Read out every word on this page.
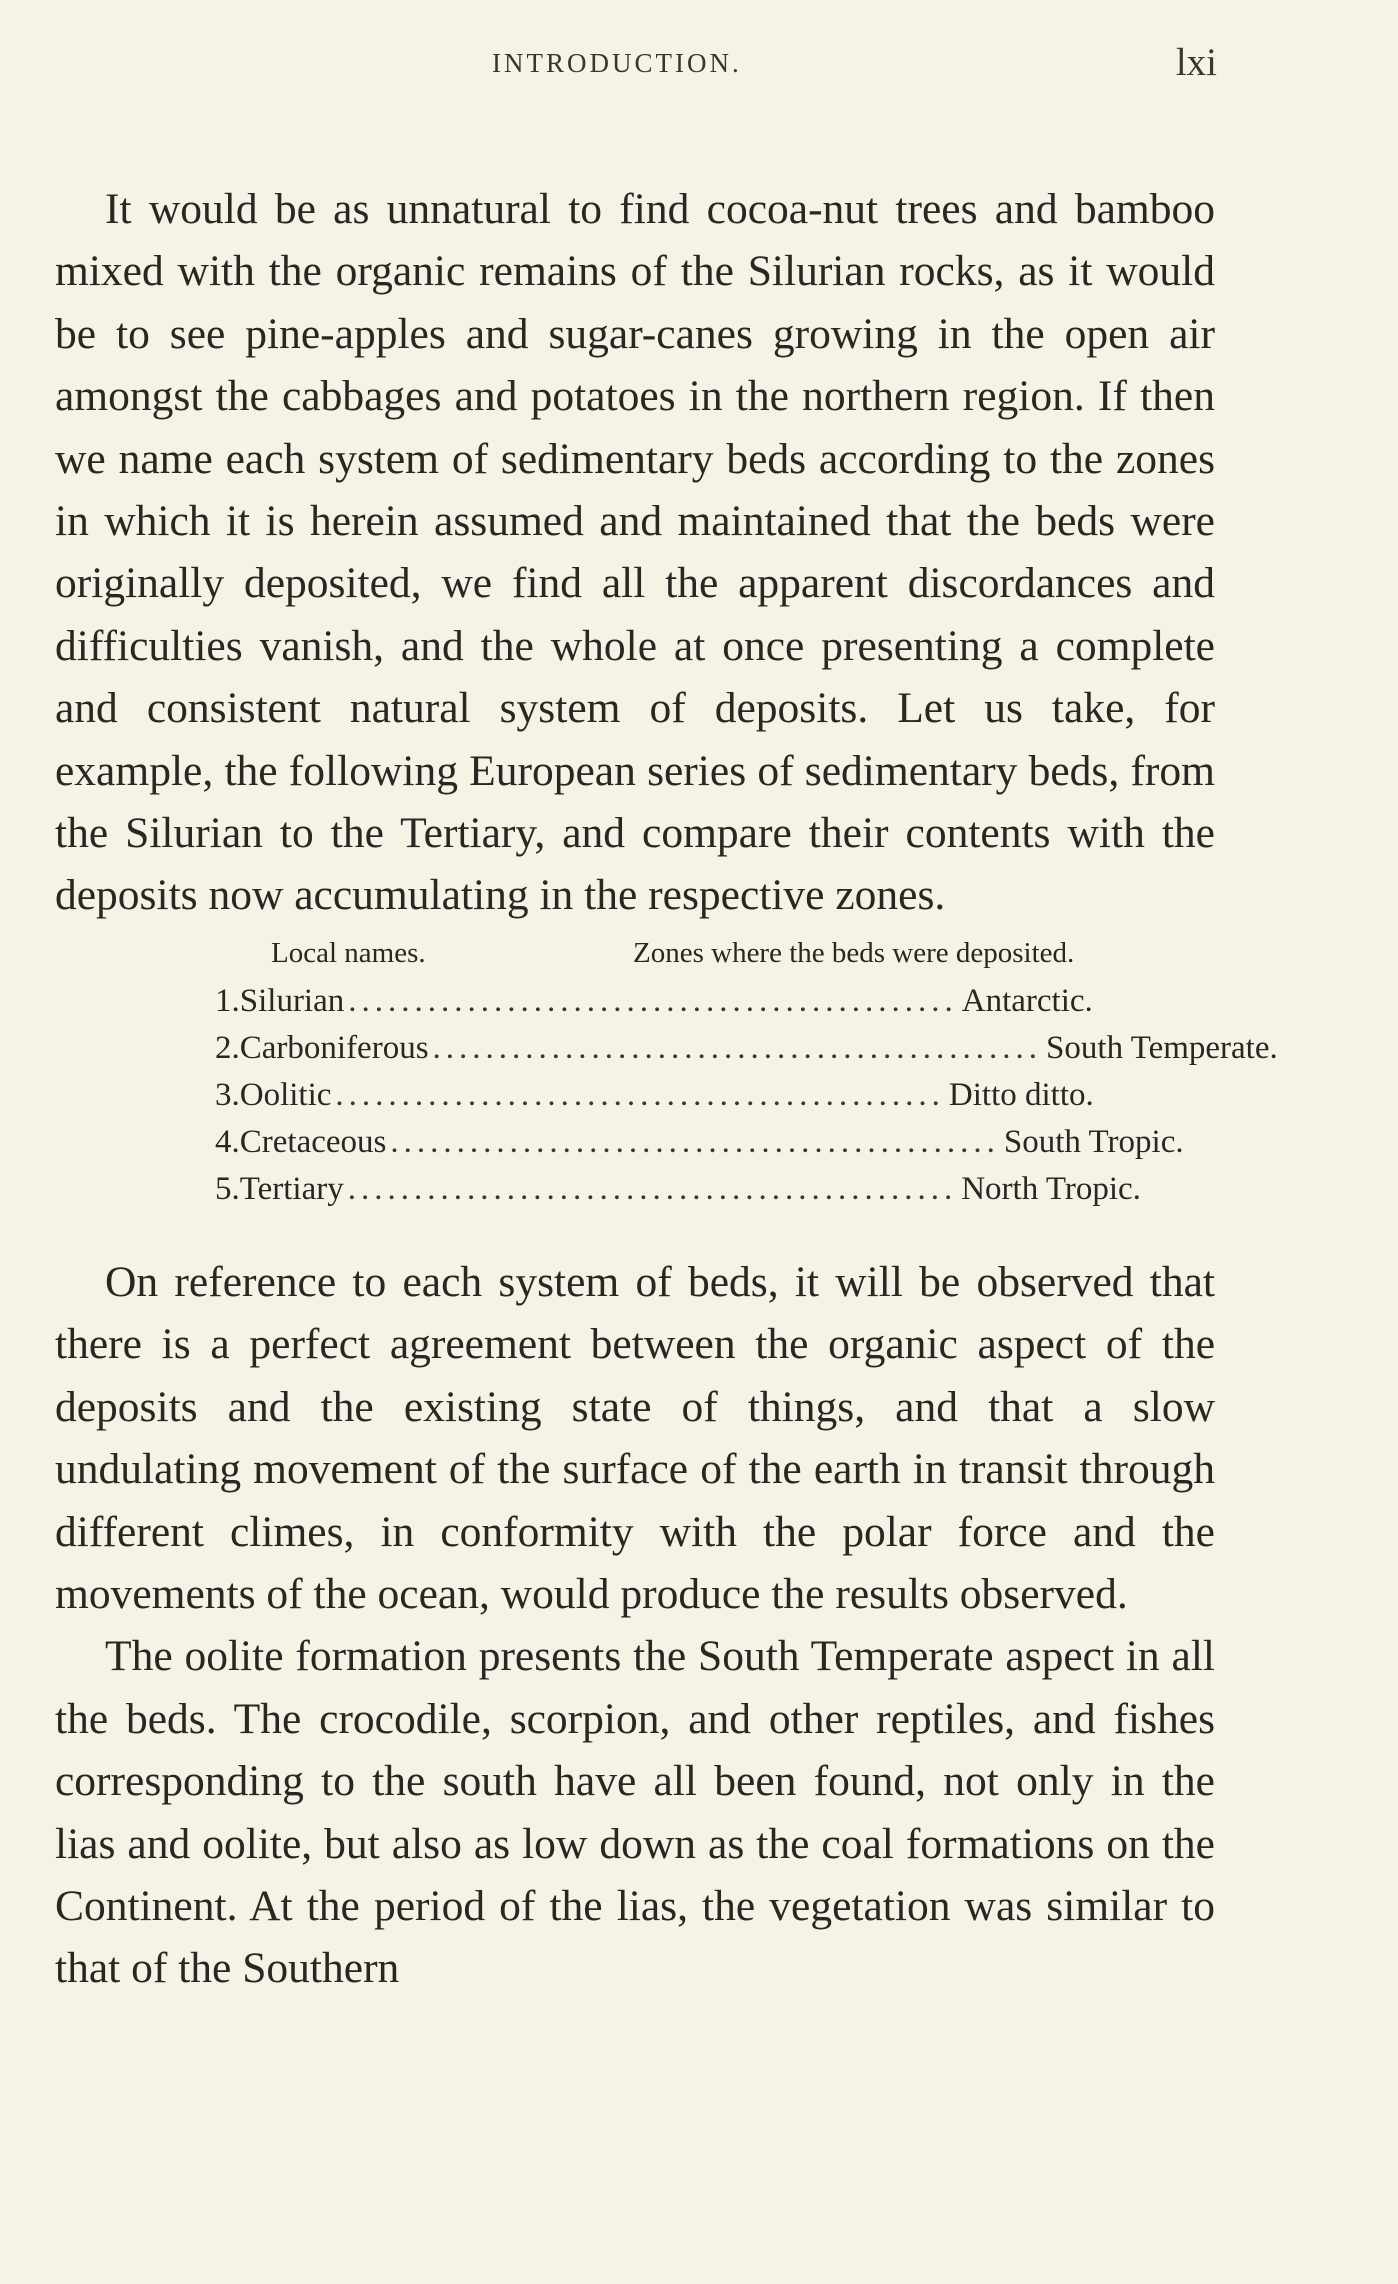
INTRODUCTION.	lxi

It would be as unnatural to find cocoa-nut trees and bamboo mixed with the organic remains of the Silurian rocks, as it would be to see pine-apples and sugar-canes growing in the open air amongst the cabbages and potatoes in the northern region. If then we name each system of sedimentary beds according to the zones in which it is herein assumed and maintained that the beds were originally deposited, we find all the apparent discordances and difficulties vanish, and the whole at once presenting a complete and consistent natural system of deposits. Let us take, for example, the following European series of sedimentary beds, from the Silurian to the Tertiary, and compare their contents with the deposits now accumulating in the respective zones.

Local names.	Zones where the beds were deposited.
1. Silurian .............................................. Antarctic.
2. Carboniferous .............................................. South Temperate.
3. Oolitic .............................................. Ditto ditto.
4. Cretaceous .............................................. South Tropic.
5. Tertiary .............................................. North Tropic.

On reference to each system of beds, it will be observed that there is a perfect agreement between the organic aspect of the deposits and the existing state of things, and that a slow undulating movement of the surface of the earth in transit through different climes, in conformity with the polar force and the movements of the ocean, would produce the results observed.

The oolite formation presents the South Temperate aspect in all the beds. The crocodile, scorpion, and other reptiles, and fishes corresponding to the south have all been found, not only in the lias and oolite, but also as low down as the coal formations on the Continent. At the period of the lias, the vegetation was similar to that of the Southern
